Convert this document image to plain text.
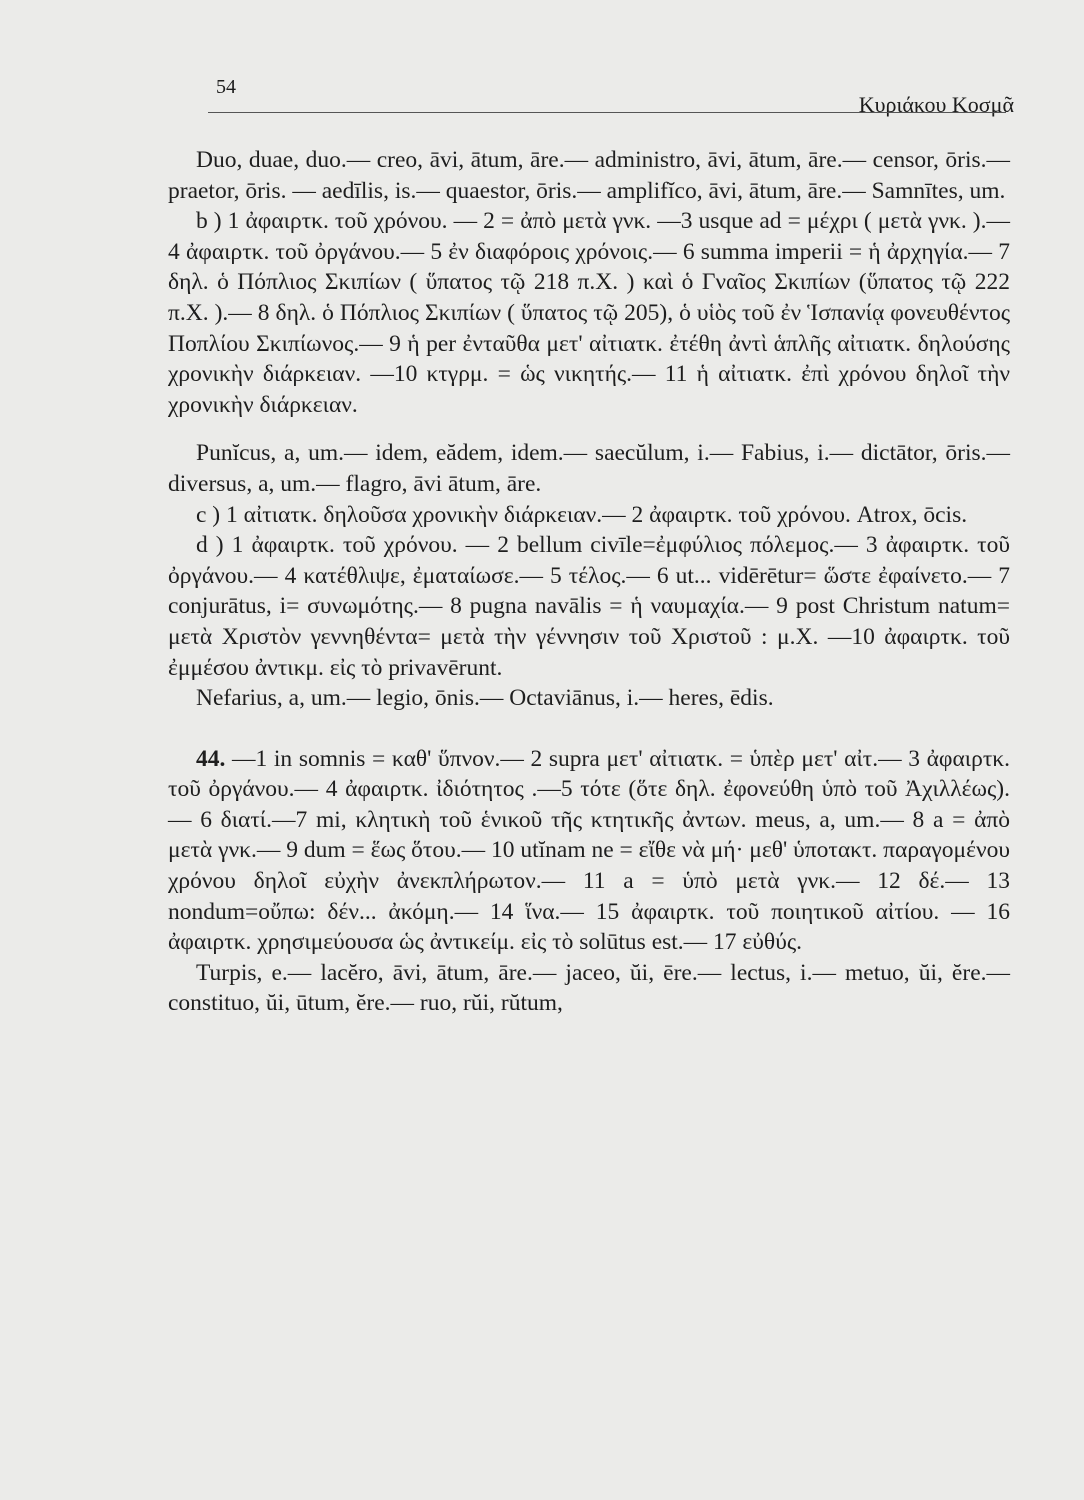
54
Κυριάκου Κοσμᾶ

Duo, duae, duo.— creo, āvi, ātum, āre.— administro, āvi, ātum, āre.— censor, ōris.— praetor, ōris. — aedīlis, is.— quaestor, ōris.— amplifĭco, āvi, ātum, āre.— Samnītes, um.

b ) 1 ἀφαιρτκ. τοῦ χρόνου. — 2 = ἀπὸ μετὰ γνκ. —3 usque ad = μέχρι ( μετὰ γνκ. ).— 4 ἀφαιρτκ. τοῦ ὀργάνου.— 5 ἐν διαφόροις χρόνοις.— 6 summa imperii = ἡ ἀρχηγία.— 7 δηλ. ὁ Πόπλιος Σκιπίων ( ὕπατος τῷ 218 π.Χ. ) καὶ ὁ Γναῖος Σκιπίων (ὕπατος τῷ 222 π.Χ. ).— 8 δηλ. ὁ Πόπλιος Σκιπίων ( ὕπατος τῷ 205), ὁ υἱὸς τοῦ ἐν Ἱσπανίᾳ φονευθέντος Ποπλίου Σκιπίωνος.— 9 ἡ per ἐνταῦθα μετ' αἰτιατκ. ἐτέθη ἀντὶ ἁπλῆς αἰτιατκ. δηλούσης χρονικὴν διάρκειαν. —10 κτγρμ. = ὡς νικητής.— 11 ἡ αἰτιατκ. ἐπὶ χρόνου δηλοῖ τὴν χρονικὴν διάρκειαν.

Punĭcus, a, um.— idem, eădem, idem.— saecŭlum, i.— Fabius, i.— dictātor, ōris.— diversus, a, um.— flagro, āvi ātum, āre.

c ) 1 αἰτιατκ. δηλοῦσα χρονικὴν διάρκειαν.— 2 ἀφαιρτκ. τοῦ χρόνου. Atrox, ōcis.

d ) 1 ἀφαιρτκ. τοῦ χρόνου. — 2 bellum civīle=ἐμφύλιος πόλεμος.— 3 ἀφαιρτκ. τοῦ ὀργάνου.— 4 κατέθλιψε, ἐματαίωσε.— 5 τέλος.— 6 ut... vidērētur= ὥστε ἐφαίνετο.— 7 conjurātus, i= συνωμότης.— 8 pugna navālis = ἡ ναυμαχία.— 9 post Christum natum= μετὰ Χριστὸν γεννηθέντα= μετὰ τὴν γέννησιν τοῦ Χριστοῦ : μ.Χ. —10 ἀφαιρτκ. τοῦ ἐμμέσου ἀντικμ. εἰς τὸ privavērunt.

Nefarius, a, um.— legio, ōnis.— Octaviānus, i.— heres, ēdis.

44. —1 in somnis = καθ' ὕπνον.— 2 supra μετ' αἰτιατκ. = ὑπὲρ μετ' αἰτ.— 3 ἀφαιρτκ. τοῦ ὀργάνου.— 4 ἀφαιρτκ. ἰδιότητος .—5 τότε (ὅτε δηλ. ἐφονεύθη ὑπὸ τοῦ Ἀχιλλέως).— 6 διατί.—7 mi, κλητικὴ τοῦ ἑνικοῦ τῆς κτητικῆς ἀντων. meus, a, um.— 8 a = ἀπὸ μετὰ γνκ.— 9 dum = ἕως ὅτου.— 10 utĭnam ne = εἴθε νὰ μή· μεθ' ὑποτακτ. παραγομένου χρόνου δηλοῖ εὐχὴν ἀνεκπλήρωτον.— 11 a = ὑπὸ μετὰ γνκ.— 12 δέ.— 13 nondum=οὔπω: δέν... ἀκόμη.— 14 ἵνα.— 15 ἀφαιρτκ. τοῦ ποιητικοῦ αἰτίου. — 16 ἀφαιρτκ. χρησιμεύουσα ὡς ἀντικείμ. εἰς τὸ solūtus est.— 17 εὐθύς.

Turpis, e.— lacĕro, āvi, ātum, āre.— jaceo, ŭi, ēre.— lectus, i.— metuo, ŭi, ĕre.— constituo, ŭi, ūtum, ĕre.— ruo, rŭi, rŭtum,
